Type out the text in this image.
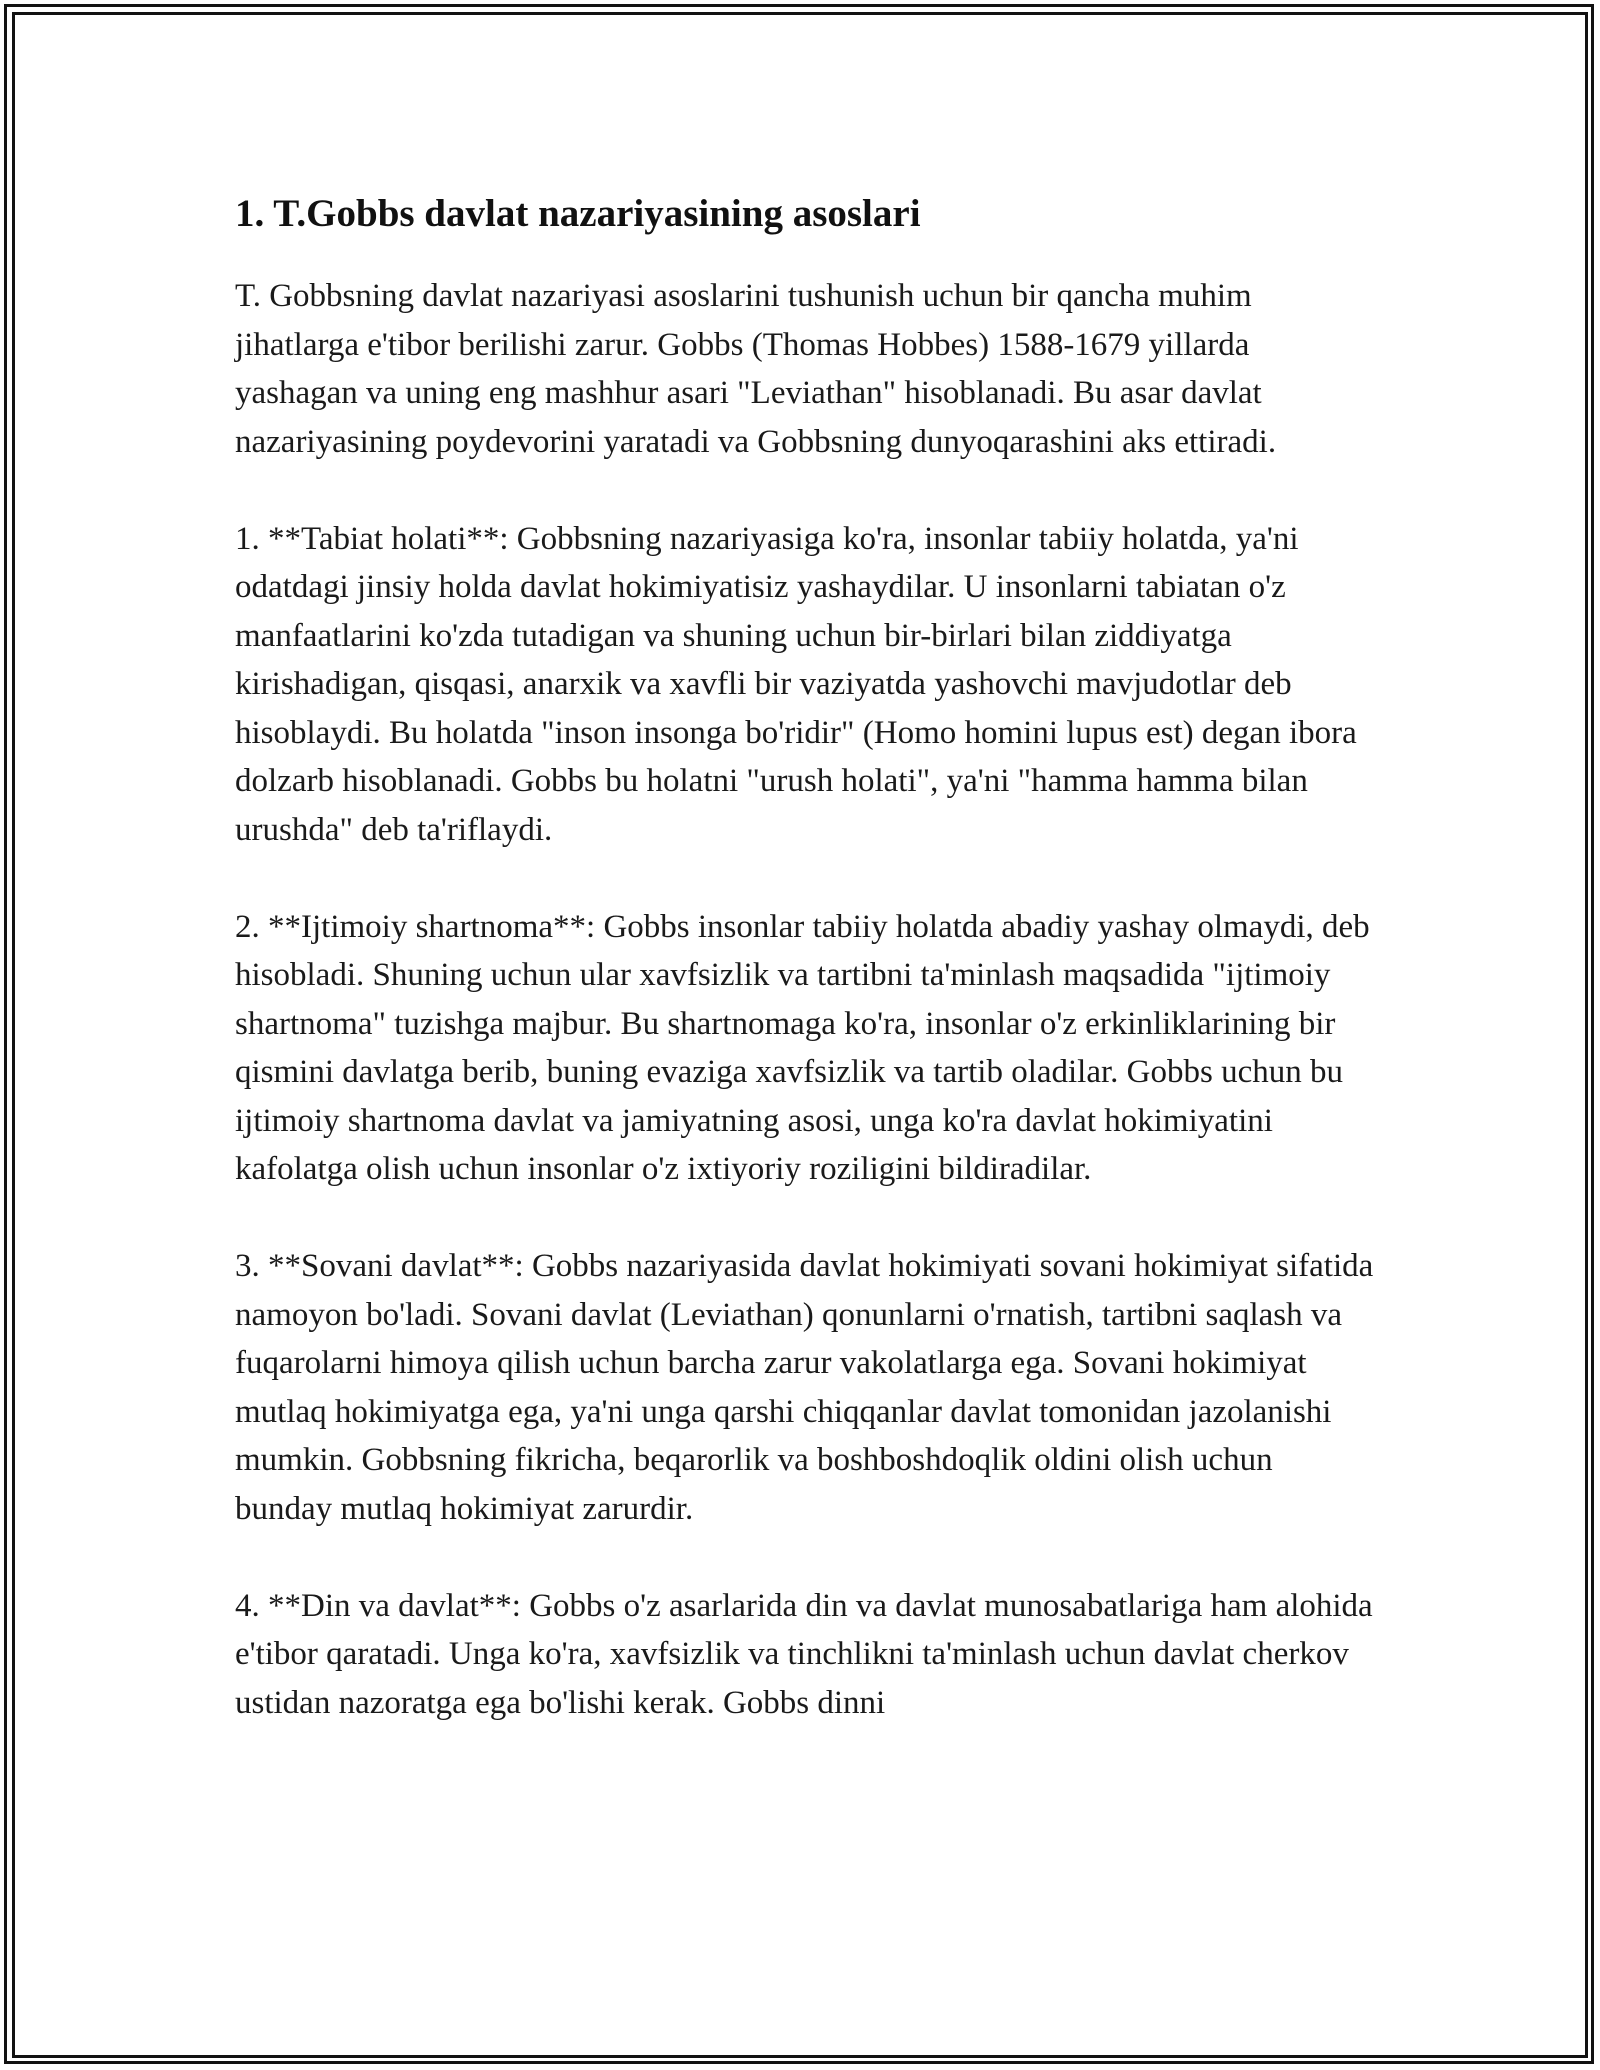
1. T.Gobbs davlat nazariyasining asoslari

T. Gobbsning davlat nazariyasi asoslarini tushunish uchun bir qancha muhim jihatlarga e'tibor berilishi zarur. Gobbs (Thomas Hobbes) 1588-1679 yillarda yashagan va uning eng mashhur asari "Leviathan" hisoblanadi. Bu asar davlat nazariyasining poydevorini yaratadi va Gobbsning dunyoqarashini aks ettiradi.

1. **Tabiat holati**: Gobbsning nazariyasiga ko'ra, insonlar tabiiy holatda, ya'ni odatdagi jinsiy holda davlat hokimiyatisiz yashaydilar. U insonlarni tabiatan o'z manfaatlarini ko'zda tutadigan va shuning uchun bir-birlari bilan ziddiyatga kirishadigan, qisqasi, anarxik va xavfli bir vaziyatda yashovchi mavjudotlar deb hisoblaydi. Bu holatda "inson insonga bo'ridir" (Homo homini lupus est) degan ibora dolzarb hisoblanadi. Gobbs bu holatni "urush holati", ya'ni "hamma hamma bilan urushda" deb ta'riflaydi.

2. **Ijtimoiy shartnoma**: Gobbs insonlar tabiiy holatda abadiy yashay olmaydi, deb hisobladi. Shuning uchun ular xavfsizlik va tartibni ta'minlash maqsadida "ijtimoiy shartnoma" tuzishga majbur. Bu shartnomaga ko'ra, insonlar o'z erkinliklarining bir qismini davlatga berib, buning evaziga xavfsizlik va tartib oladilar. Gobbs uchun bu ijtimoiy shartnoma davlat va jamiyatning asosi, unga ko'ra davlat hokimiyatini kafolatga olish uchun insonlar o'z ixtiyoriy roziligini bildiradilar.

3. **Sovani davlat**: Gobbs nazariyasida davlat hokimiyati sovani hokimiyat sifatida namoyon bo'ladi. Sovani davlat (Leviathan) qonunlarni o'rnatish, tartibni saqlash va fuqarolarni himoya qilish uchun barcha zarur vakolatlarga ega. Sovani hokimiyat mutlaq hokimiyatga ega, ya'ni unga qarshi chiqqanlar davlat tomonidan jazolanishi mumkin. Gobbsning fikricha, beqarorlik va boshboshdoqlik oldini olish uchun bunday mutlaq hokimiyat zarurdir.

4. **Din va davlat**: Gobbs o'z asarlarida din va davlat munosabatlariga ham alohida e'tibor qaratadi. Unga ko'ra, xavfsizlik va tinchlikni ta'minlash uchun davlat cherkov ustidan nazoratga ega bo'lishi kerak. Gobbs dinni
